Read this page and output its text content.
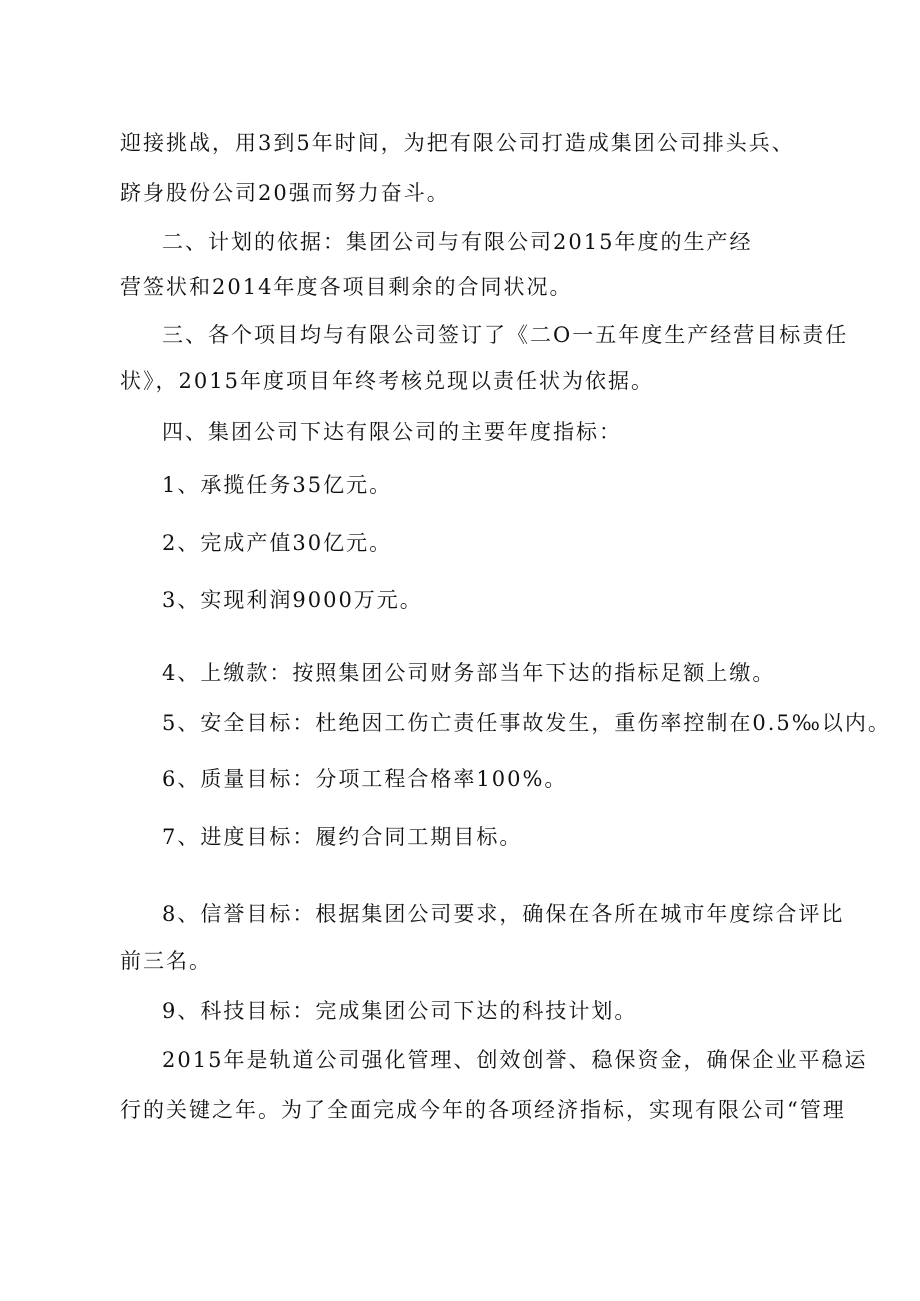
迎接挑战，用3到5年时间，为把有限公司打造成集团公司排头兵、
跻身股份公司20强而努力奋斗。
二、计划的依据：集团公司与有限公司2015年度的生产经
营签状和2014年度各项目剩余的合同状况。
三、各个项目均与有限公司签订了《二O一五年度生产经营目标责任
状》，2015年度项目年终考核兑现以责任状为依据。
四、集团公司下达有限公司的主要年度指标：
1、承揽任务35亿元。
2、完成产值30亿元。
3、实现利润9000万元。
4、上缴款：按照集团公司财务部当年下达的指标足额上缴。
5、安全目标：杜绝因工伤亡责任事故发生，重伤率控制在0.5‰以内。
6、质量目标：分项工程合格率100%。
7、进度目标：履约合同工期目标。
8、信誉目标：根据集团公司要求，确保在各所在城市年度综合评比
前三名。
9、科技目标：完成集团公司下达的科技计划。
2015年是轨道公司强化管理、创效创誉、稳保资金，确保企业平稳运
行的关键之年。为了全面完成今年的各项经济指标，实现有限公司“管理
